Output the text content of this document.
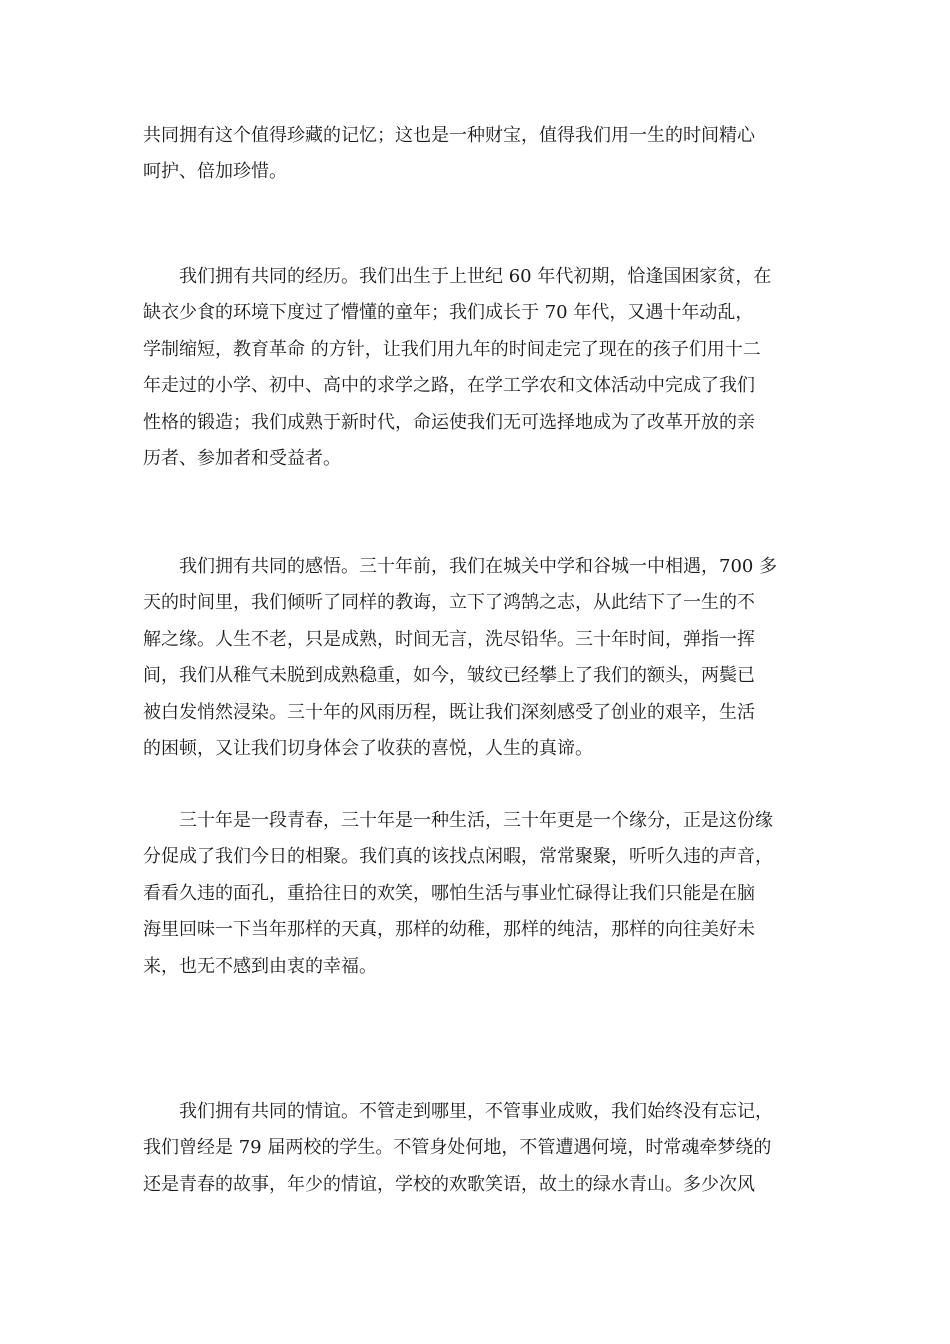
共同拥有这个值得珍藏的记忆；这也是一种财宝，值得我们用一生的时间精心
呵护、倍加珍惜。

我们拥有共同的经历。我们出生于上世纪 60 年代初期，恰逢国困家贫，在
缺衣少食的环境下度过了懵懂的童年；我们成长于 70 年代，又遇十年动乱，
学制缩短，教育革命 的方针，让我们用九年的时间走完了现在的孩子们用十二
年走过的小学、初中、高中的求学之路，在学工学农和文体活动中完成了我们
性格的锻造；我们成熟于新时代，命运使我们无可选择地成为了改革开放的亲
历者、参加者和受益者。

我们拥有共同的感悟。三十年前，我们在城关中学和谷城一中相遇，700 多
天的时间里，我们倾听了同样的教诲，立下了鸿鹄之志，从此结下了一生的不
解之缘。人生不老，只是成熟，时间无言，洗尽铅华。三十年时间，弹指一挥
间，我们从稚气未脱到成熟稳重，如今，皱纹已经攀上了我们的额头，两鬓已
被白发悄然浸染。三十年的风雨历程，既让我们深刻感受了创业的艰辛，生活
的困顿，又让我们切身体会了收获的喜悦，人生的真谛。

三十年是一段青春，三十年是一种生活，三十年更是一个缘分，正是这份缘
分促成了我们今日的相聚。我们真的该找点闲暇，常常聚聚，听听久违的声音，
看看久违的面孔，重拾往日的欢笑，哪怕生活与事业忙碌得让我们只能是在脑
海里回味一下当年那样的天真，那样的幼稚，那样的纯洁，那样的向往美好未
来，也无不感到由衷的幸福。

我们拥有共同的情谊。不管走到哪里，不管事业成败，我们始终没有忘记，
我们曾经是 79 届两校的学生。不管身处何地，不管遭遇何境，时常魂牵梦绕的
还是青春的故事，年少的情谊，学校的欢歌笑语，故土的绿水青山。多少次风
